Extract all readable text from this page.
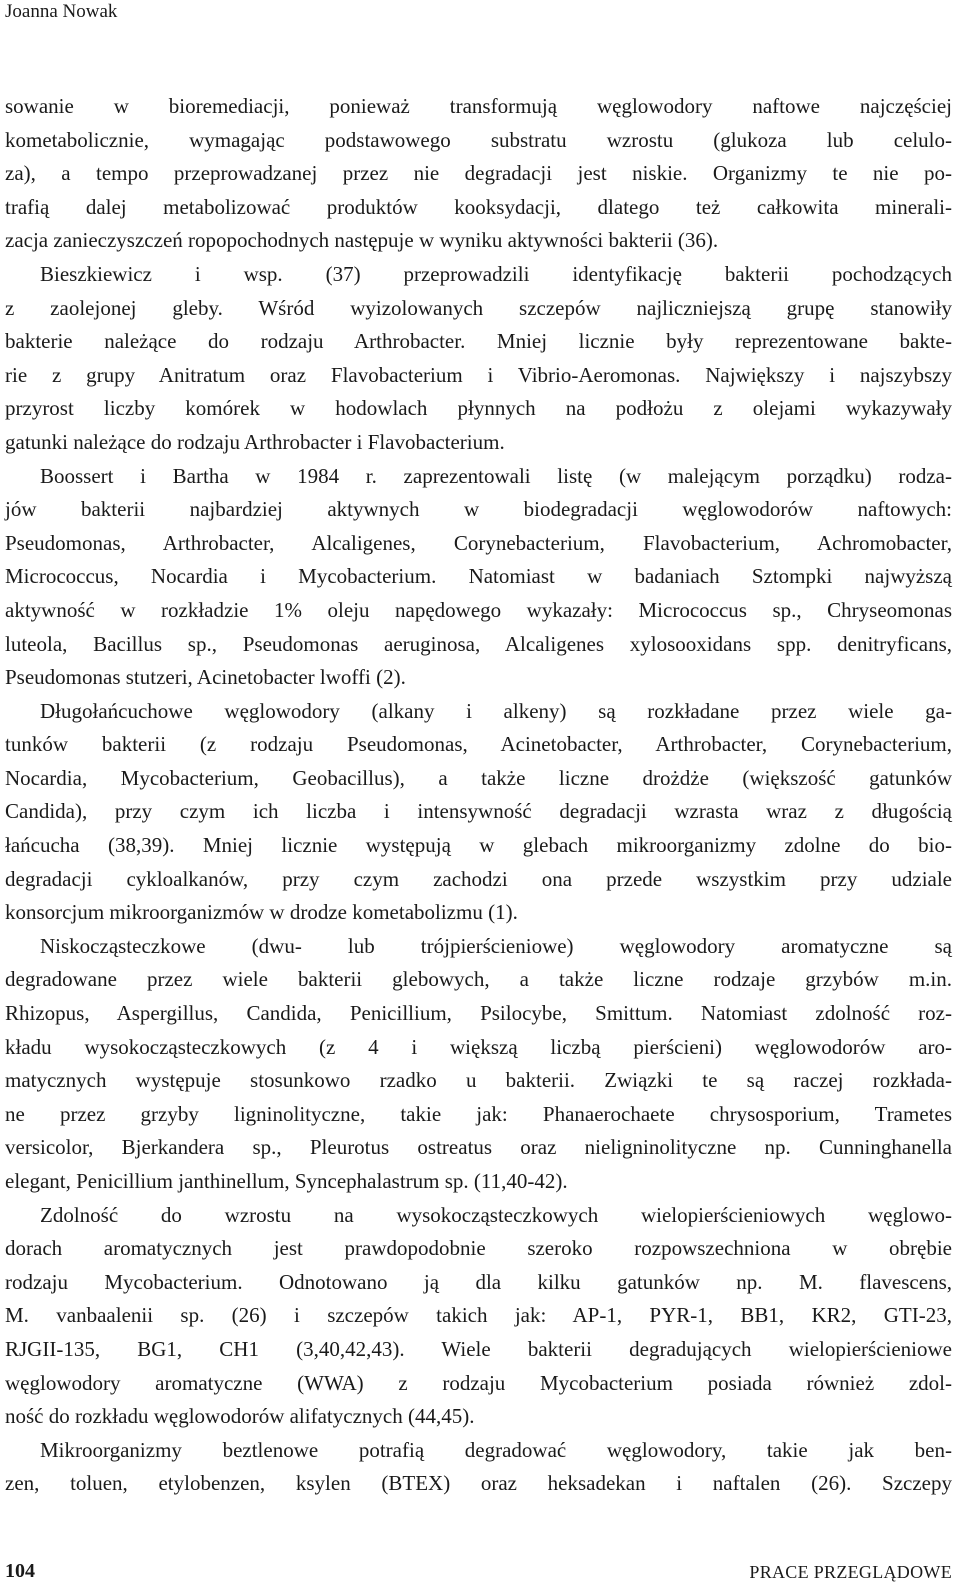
Joanna Nowak

sowanie w bioremediacji, ponieważ transformują węglowodory naftowe najczęściej
kometabolicznie, wymagając podstawowego substratu wzrostu (glukoza lub celulo-
za), a tempo przeprowadzanej przez nie degradacji jest niskie. Organizmy te nie po-
trafią dalej metabolizować produktów kooksydacji, dlatego też całkowita minerali-
zacja zanieczyszczeń ropopochodnych następuje w wyniku aktywności bakterii (36).

Bieszkiewicz i wsp. (37) przeprowadzili identyfikację bakterii pochodzących
z zaolejonej gleby. Wśród wyizolowanych szczepów najliczniejszą grupę stanowiły
bakterie należące do rodzaju Arthrobacter. Mniej licznie były reprezentowane bakte-
rie z grupy Anitratum oraz Flavobacterium i Vibrio-Aeromonas. Największy i najszybszy
przyrost liczby komórek w hodowlach płynnych na podłożu z olejami wykazywały
gatunki należące do rodzaju Arthrobacter i Flavobacterium.

Boossert i Bartha w 1984 r. zaprezentowali listę (w malejącym porządku) rodza-
jów bakterii najbardziej aktywnych w biodegradacji węglowodorów naftowych:
Pseudomonas, Arthrobacter, Alcaligenes, Corynebacterium, Flavobacterium, Achromobacter,
Micrococcus, Nocardia i Mycobacterium. Natomiast w badaniach Sztompki najwyższą
aktywność w rozkładzie 1% oleju napędowego wykazały: Micrococcus sp., Chryseomonas
luteola, Bacillus sp., Pseudomonas aeruginosa, Alcaligenes xylosooxidans spp. denitryficans,
Pseudomonas stutzeri, Acinetobacter lwoffi (2).

Długołańcuchowe węglowodory (alkany i alkeny) są rozkładane przez wiele ga-
tunków bakterii (z rodzaju Pseudomonas, Acinetobacter, Arthrobacter, Corynebacterium,
Nocardia, Mycobacterium, Geobacillus), a także liczne drożdże (większość gatunków
Candida), przy czym ich liczba i intensywność degradacji wzrasta wraz z długością
łańcucha (38,39). Mniej licznie występują w glebach mikroorganizmy zdolne do bio-
degradacji cykloalkanów, przy czym zachodzi ona przede wszystkim przy udziale
konsorcjum mikroorganizmów w drodze kometabolizmu (1).

Niskocząsteczkowe (dwu- lub trójpierścieniowe) węglowodory aromatyczne są
degradowane przez wiele bakterii glebowych, a także liczne rodzaje grzybów m.in.
Rhizopus, Aspergillus, Candida, Penicillium, Psilocybe, Smittum. Natomiast zdolność roz-
kładu wysokocząsteczkowych (z 4 i większą liczbą pierścieni) węglowodorów aro-
matycznych występuje stosunkowo rzadko u bakterii. Związki te są raczej rozkłada-
ne przez grzyby ligninolityczne, takie jak: Phanaerochaete chrysosporium, Trametes
versicolor, Bjerkandera sp., Pleurotus ostreatus oraz nieligninolityczne np. Cunninghanella
elegant, Penicillium janthinellum, Syncephalastrum sp. (11,40-42).

Zdolność do wzrostu na wysokocząsteczkowych wielopierścieniowych węglowo-
dorach aromatycznych jest prawdopodobnie szeroko rozpowszechniona w obrębie
rodzaju Mycobacterium. Odnotowano ją dla kilku gatunków np. M. flavescens,
M. vanbaalenii sp. (26) i szczepów takich jak: AP-1, PYR-1, BB1, KR2, GTI-23,
RJGII-135, BG1, CH1 (3,40,42,43). Wiele bakterii degradujących wielopierścieniowe
węglowodory aromatyczne (WWA) z rodzaju Mycobacterium posiada również zdol-
ność do rozkładu węglowodorów alifatycznych (44,45).

Mikroorganizmy beztlenowe potrafią degradować węglowodory, takie jak ben-
zen, toluen, etylobenzen, ksylen (BTEX) oraz heksadekan i naftalen (26). Szczepy

104	PRACE PRZEGLĄDOWE
